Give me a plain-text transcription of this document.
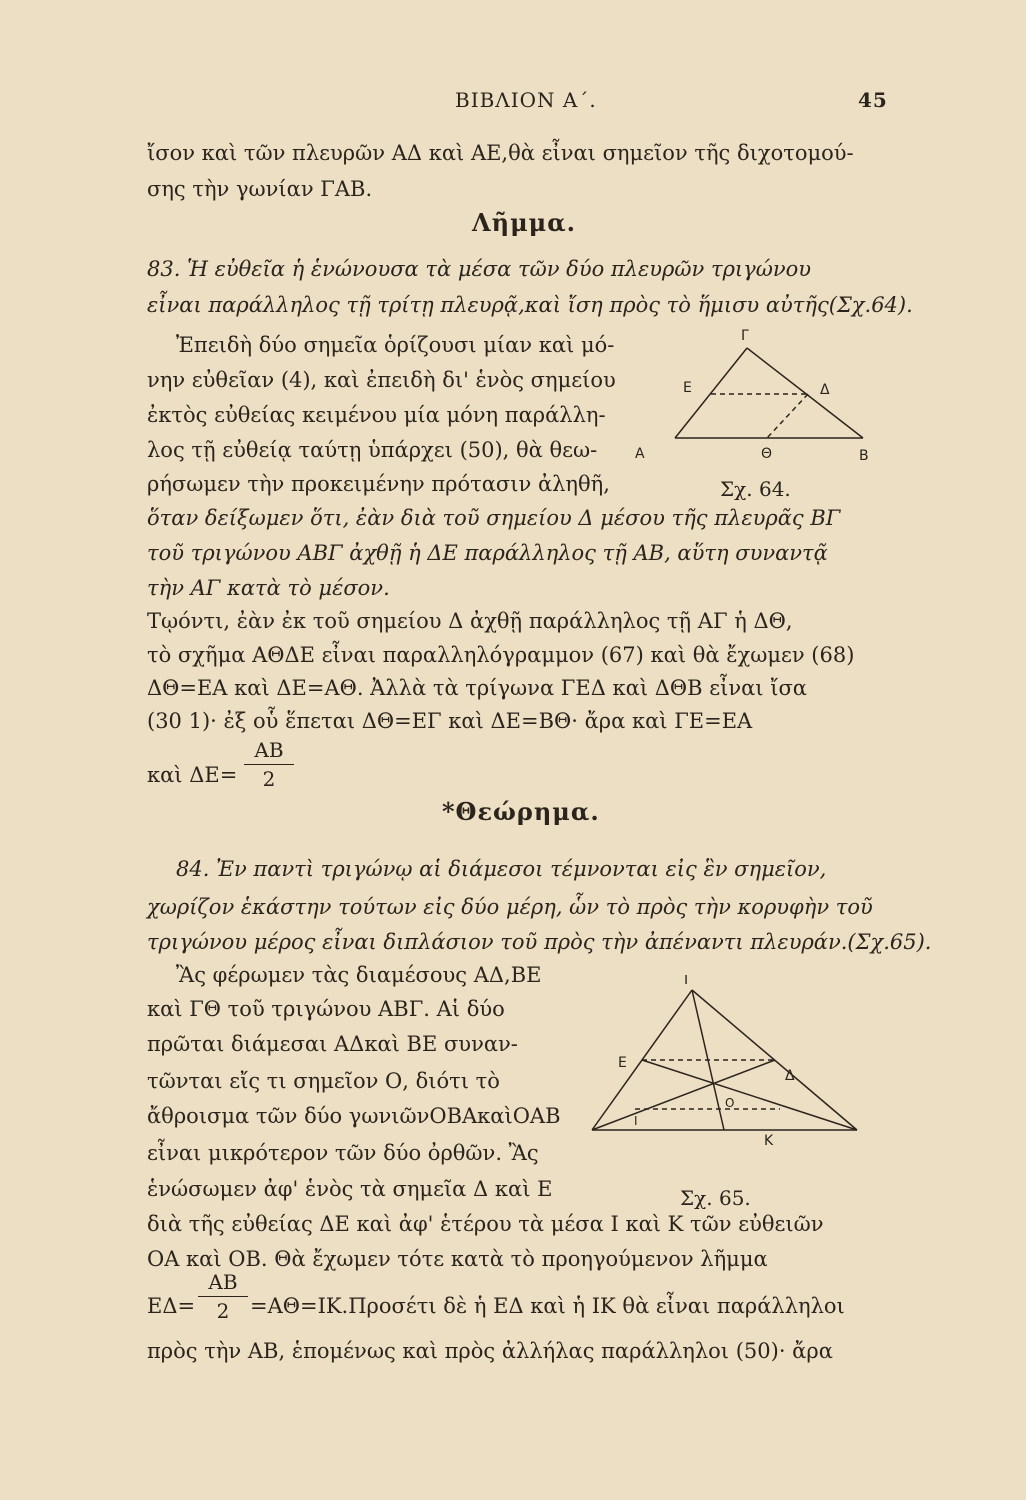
ΒΙΒΛΙΟΝ Α΄.	45
ἴσον καὶ τῶν πλευρῶν ΑΔ καὶ ΑΕ,θὰ εἶναι σημεῖον τῆς διχοτομού-
σης τὴν γωνίαν ΓΑΒ.
Λῆμμα.
83. Ἡ εὐθεῖα ἡ ἑνώνουσα τὰ μέσα τῶν δύο πλευρῶν τριγώνου
εἶναι παράλληλος τῇ τρίτῃ πλευρᾷ,καὶ ἴση πρὸς τὸ ἥμισυ αὐτῆς(Σχ.64).
Ἐπειδὴ δύο σημεῖα ὁρίζουσι μίαν καὶ μό-
νην εὐθεῖαν (4), καὶ ἐπειδὴ δι' ἑνὸς σημείου
ἐκτὸς εὐθείας κειμένου μία μόνη παράλλη-
λος τῇ εὐθείᾳ ταύτῃ ὑπάρχει (50), θὰ θεω-
ρήσωμεν τὴν προκειμένην πρότασιν ἀληθῆ,
ὅταν δείξωμεν ὅτι, ἐὰν διὰ τοῦ σημείου Δ μέσου τῆς πλευρᾶς ΒΓ
τοῦ τριγώνου ΑΒΓ ἀχθῇ ἡ ΔΕ παράλληλος τῇ ΑΒ, αὕτη συναντᾷ
τὴν ΑΓ κατὰ τὸ μέσον.
Γ
Ε	Δ
Α	Θ	Β
Σχ. 64.
Τῳόντι, ἐὰν ἐκ τοῦ σημείου Δ ἀχθῇ παράλληλος τῇ ΑΓ ἡ ΔΘ,
τὸ σχῆμα ΑΘΔΕ εἶναι παραλληλόγραμμον (67) καὶ θὰ ἔχωμεν (68)
ΔΘ=ΕΑ καὶ ΔΕ=ΑΘ. Ἀλλὰ τὰ τρίγωνα ΓΕΔ καὶ ΔΘΒ εἶναι ἴσα
(30 1)· ἐξ οὗ ἕπεται ΔΘ=ΕΓ καὶ ΔΕ=ΒΘ· ἄρα καὶ ΓΕ=ΕΑ
καὶ ΔΕ=
ΑΒ
2
*Θεώρημα.
84. Ἐν παντὶ τριγώνῳ αἱ διάμεσοι τέμνονται εἰς ἓν σημεῖον,
χωρίζον ἑκάστην τούτων εἰς δύο μέρη, ὧν τὸ πρὸς τὴν κορυφὴν τοῦ
τριγώνου μέρος εἶναι διπλάσιον τοῦ πρὸς τὴν ἀπέναντι πλευράν.(Σχ.65).
Ἂς φέρωμεν τὰς διαμέσους ΑΔ,ΒΕ
καὶ ΓΘ τοῦ τριγώνου ΑΒΓ. Αἱ δύο
πρῶται διάμεσαι ΑΔκαὶ ΒΕ συναν-
τῶνται εἴς τι σημεῖον Ο, διότι τὸ
ἄθροισμα τῶν δύο γωνιῶνΟΒΑκαὶΟΑΒ
εἶναι μικρότερον τῶν δύο ὀρθῶν. Ἂς
ἑνώσωμεν ἀφ' ἑνὸς τὰ σημεῖα Δ καὶ Ε
Γ
Ε
Δ
Ο
Ι
Κ
Σχ. 65.
διὰ τῆς εὐθείας ΔΕ καὶ ἀφ' ἑτέρου τὰ μέσα Ι καὶ Κ τῶν εὐθειῶν
ΟΑ καὶ ΟΒ. Θὰ ἔχωμεν τότε κατὰ τὸ προηγούμενον λῆμμα
ΕΔ=
ΑΒ
2 =ΑΘ=ΙΚ.Προσέτι δὲ ἡ ΕΔ καὶ ἡ ΙΚ θὰ εἶναι παράλληλοι
πρὸς τὴν ΑΒ, ἑπομένως καὶ πρὸς ἀλλήλας παράλληλοι (50)· ἄρα
